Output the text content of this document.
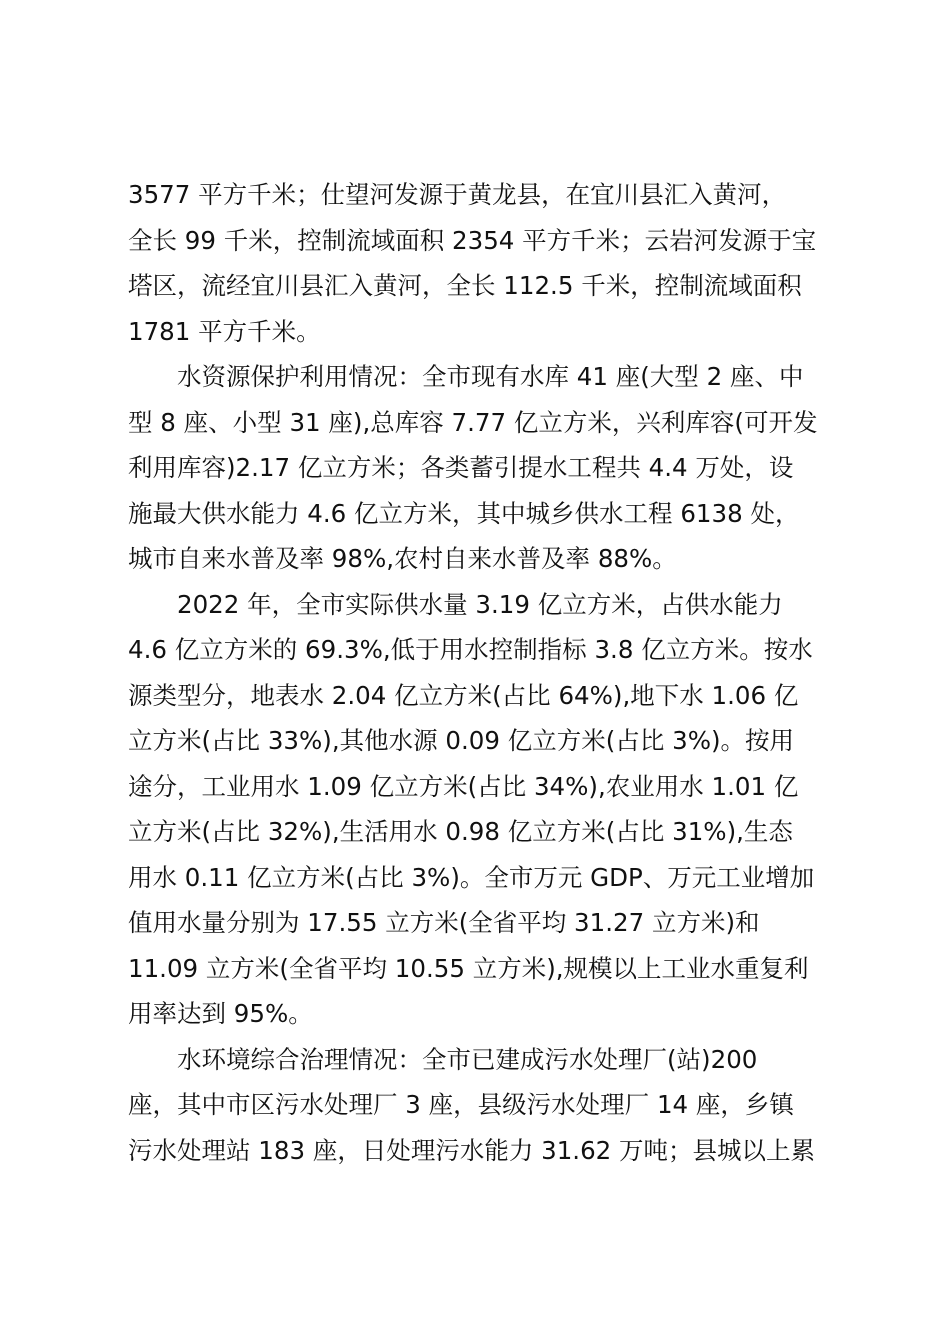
3577 平方千米；仕望河发源于黄龙县，在宜川县汇入黄河，
全长 99 千米，控制流域面积 2354 平方千米；云岩河发源于宝
塔区，流经宜川县汇入黄河，全长 112.5 千米，控制流域面积
1781 平方千米。
　　水资源保护利用情况：全市现有水库 41 座(大型 2 座、中
型 8 座、小型 31 座),总库容 7.77 亿立方米，兴利库容(可开发
利用库容)2.17 亿立方米；各类蓄引提水工程共 4.4 万处，设
施最大供水能力 4.6 亿立方米，其中城乡供水工程 6138 处，
城市自来水普及率 98%,农村自来水普及率 88%。
　　2022 年，全市实际供水量 3.19 亿立方米，占供水能力
4.6 亿立方米的 69.3%,低于用水控制指标 3.8 亿立方米。按水
源类型分，地表水 2.04 亿立方米(占比 64%),地下水 1.06 亿
立方米(占比 33%),其他水源 0.09 亿立方米(占比 3%)。按用
途分，工业用水 1.09 亿立方米(占比 34%),农业用水 1.01 亿
立方米(占比 32%),生活用水 0.98 亿立方米(占比 31%),生态
用水 0.11 亿立方米(占比 3%)。全市万元 GDP、万元工业增加
值用水量分别为 17.55 立方米(全省平均 31.27 立方米)和
11.09 立方米(全省平均 10.55 立方米),规模以上工业水重复利
用率达到 95%。
　　水环境综合治理情况：全市已建成污水处理厂(站)200
座，其中市区污水处理厂 3 座，县级污水处理厂 14 座，乡镇
污水处理站 183 座，日处理污水能力 31.62 万吨；县城以上累
